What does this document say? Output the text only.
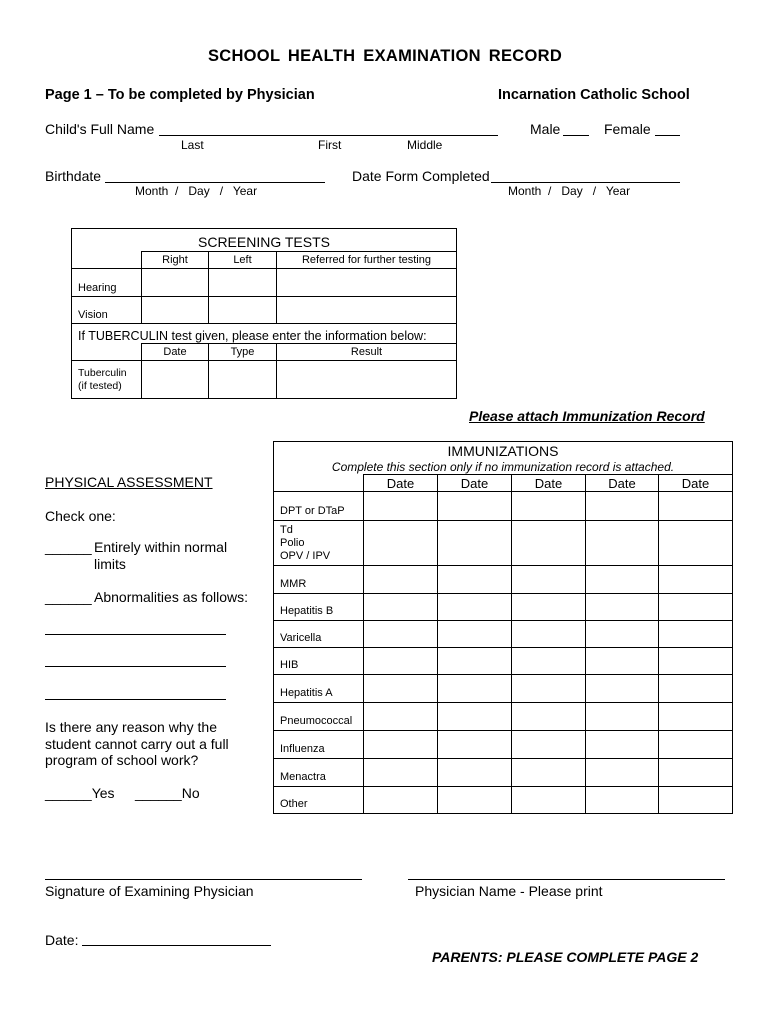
SCHOOL HEALTH EXAMINATION RECORD
Page 1 – To be completed by Physician	Incarnation Catholic School
Child's Full Name
Last	First	Middle
Male	Female
Birthdate
Month  /   Day   /   Year
Date Form Completed
Month  /   Day   /   Year
SCREENING TESTS			
	Right	Left	Referred for further testing
Hearing			
Vision			
If TUBERCULIN test given, please enter the information below:			
	Date	Type	Result
Tuberculin
(if tested)			
Please attach Immunization Record
IMMUNIZATIONS					
Complete this section only if no immunization record is attached.					
	Date	Date	Date	Date	Date
DPT or DTaP					
Td
Polio
OPV / IPV					
MMR					
Hepatitis B					
Varicella					
HIB					
Hepatitis A					
Pneumococcal					
Influenza					
Menactra					
Other					
PHYSICAL ASSESSMENT
Check one:
______ Entirely within normal
limits
______ Abnormalities as follows:
Is there any reason why the
student cannot carry out a full
program of school work?
______Yes ______No
Signature of Examining Physician	Physician Name - Please print
Date:
PARENTS: PLEASE COMPLETE PAGE 2
